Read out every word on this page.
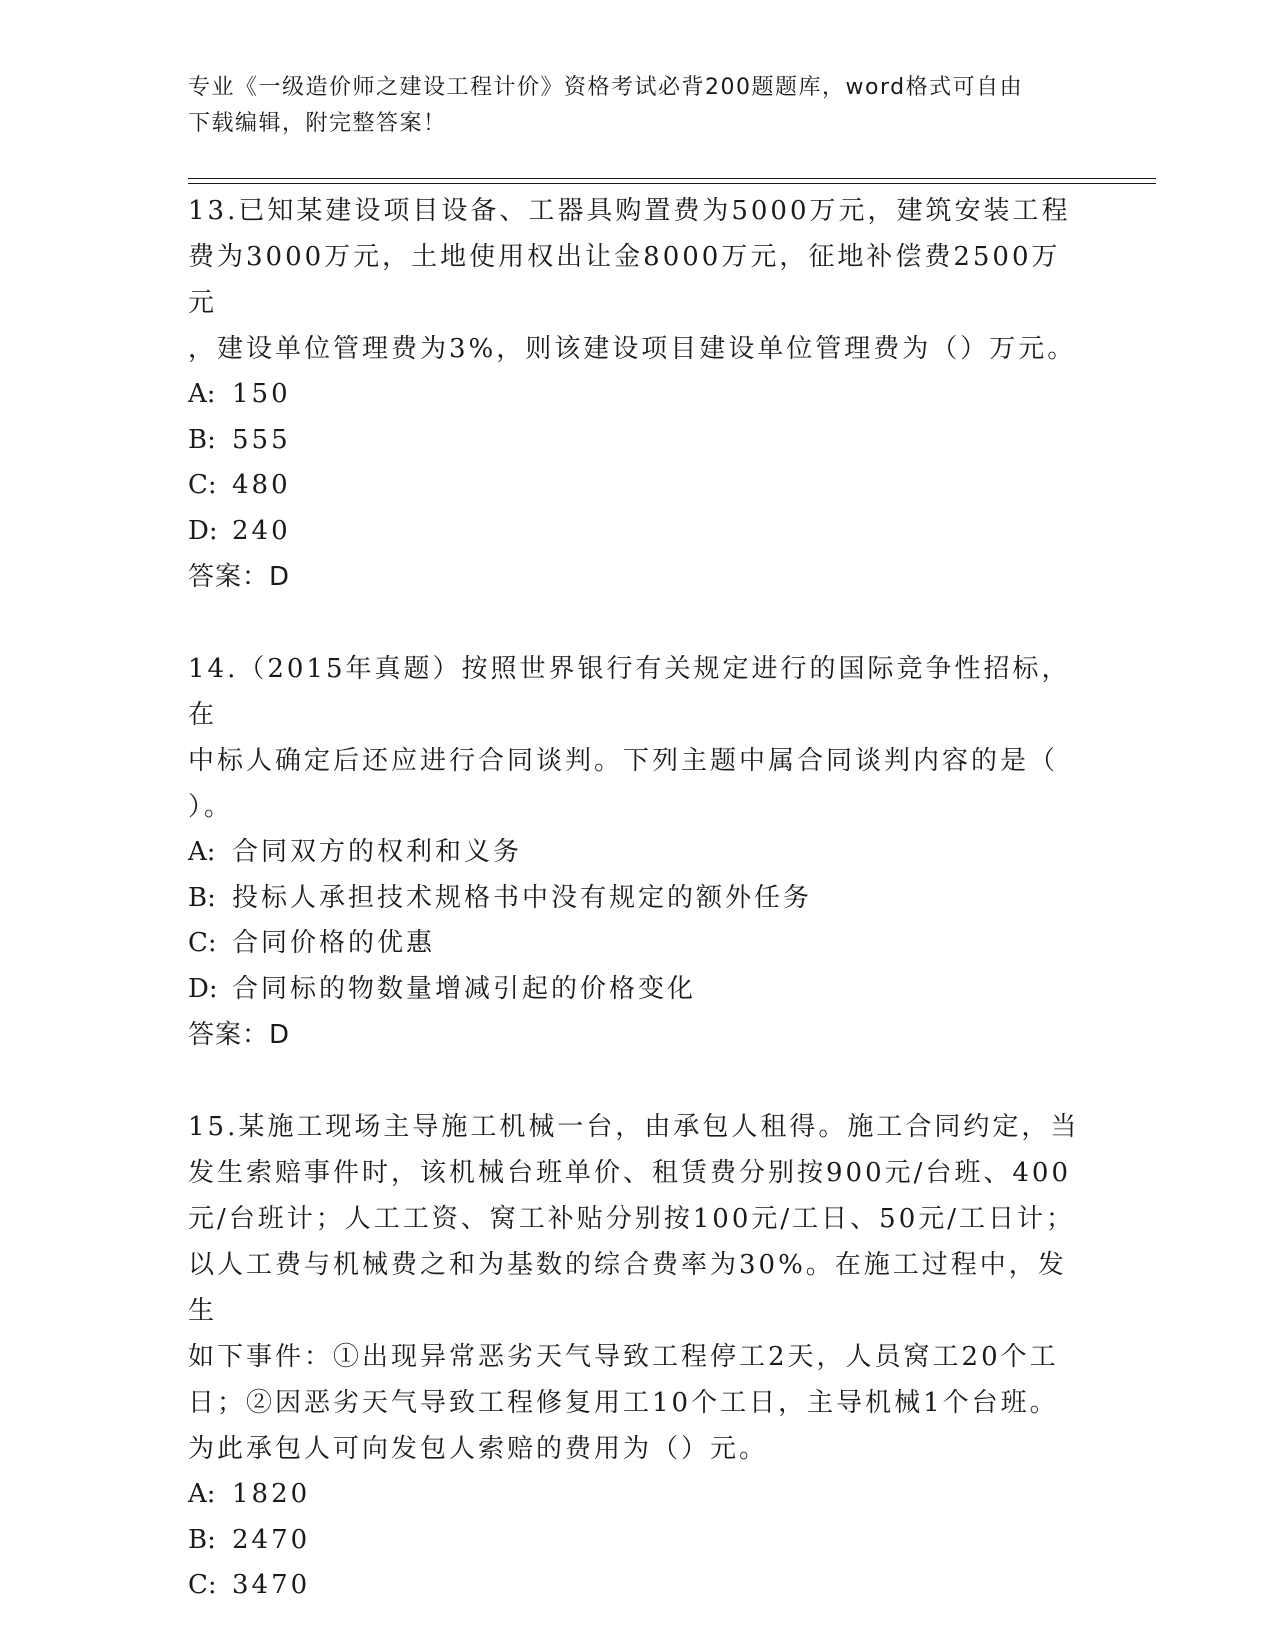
专业《一级造价师之建设工程计价》资格考试必背200题题库，word格式可自由
下载编辑，附完整答案！

13.已知某建设项目设备、工器具购置费为5000万元，建筑安装工程

费为3000万元，土地使用权出让金8000万元，征地补偿费2500万元

，建设单位管理费为3%，则该建设项目建设单位管理费为（）万元。

A: 150

B: 555

C: 480

D: 240

答案：D

14.（2015年真题）按照世界银行有关规定进行的国际竞争性招标，在

中标人确定后还应进行合同谈判。下列主题中属合同谈判内容的是（

）。

A: 合同双方的权利和义务

B: 投标人承担技术规格书中没有规定的额外任务

C: 合同价格的优惠

D: 合同标的物数量增减引起的价格变化

答案：D

15.某施工现场主导施工机械一台，由承包人租得。施工合同约定，当

发生索赔事件时，该机械台班单价、租赁费分别按900元/台班、400

元/台班计；人工工资、窝工补贴分别按100元/工日、50元/工日计；

以人工费与机械费之和为基数的综合费率为30%。在施工过程中，发生

如下事件：①出现异常恶劣天气导致工程停工2天，人员窝工20个工

日；②因恶劣天气导致工程修复用工10个工日，主导机械1个台班。

为此承包人可向发包人索赔的费用为（）元。

A: 1820

B: 2470

C: 3470
